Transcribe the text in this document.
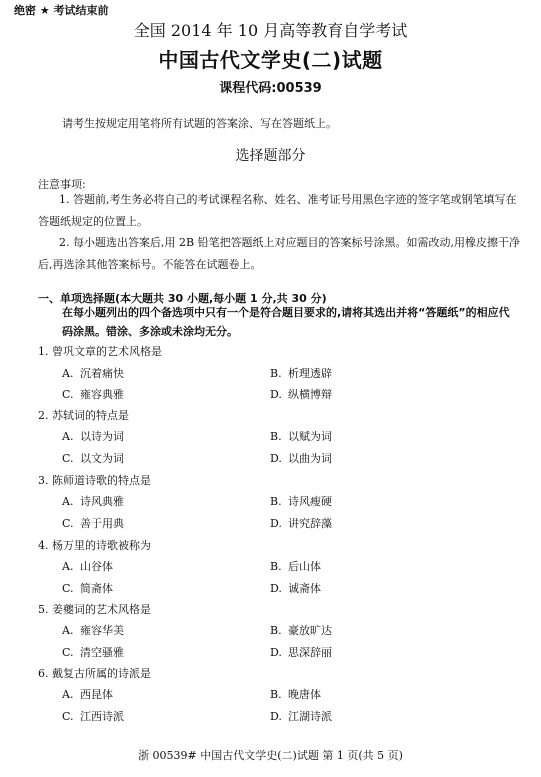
绝密 ★ 考试结束前
全国 2014 年 10 月高等教育自学考试
中国古代文学史(二)试题
课程代码:00539
请考生按规定用笔将所有试题的答案涂、写在答题纸上。
选择题部分
注意事项:
1. 答题前,考生务必将自己的考试课程名称、姓名、准考证号用黑色字迹的签字笔或钢笔填写在答题纸规定的位置上。
2. 每小题选出答案后,用 2B 铅笔把答题纸上对应题目的答案标号涂黑。如需改动,用橡皮擦干净后,再选涂其他答案标号。不能答在试题卷上。
一、单项选择题(本大题共 30 小题,每小题 1 分,共 30 分)
在每小题列出的四个备选项中只有一个是符合题目要求的,请将其选出并将“答题纸”的相应代码涂黑。错涂、多涂或未涂均无分。
1. 曾巩文章的艺术风格是
A. 沉着痛快	B. 析理透辟
C. 雍容典雅	D. 纵横博辩
2. 苏轼词的特点是
A. 以诗为词	B. 以赋为词
C. 以文为词	D. 以曲为词
3. 陈师道诗歌的特点是
A. 诗风典雅	B. 诗风瘦硬
C. 善于用典	D. 讲究辞藻
4. 杨万里的诗歌被称为
A. 山谷体	B. 后山体
C. 简斋体	D. 诚斋体
5. 姜夔词的艺术风格是
A. 雍容华美	B. 豪放旷达
C. 清空骚雅	D. 思深辞丽
6. 戴复古所属的诗派是
A. 西昆体	B. 晚唐体
C. 江西诗派	D. 江湖诗派
浙 00539# 中国古代文学史(二)试题 第 1 页(共 5 页)
